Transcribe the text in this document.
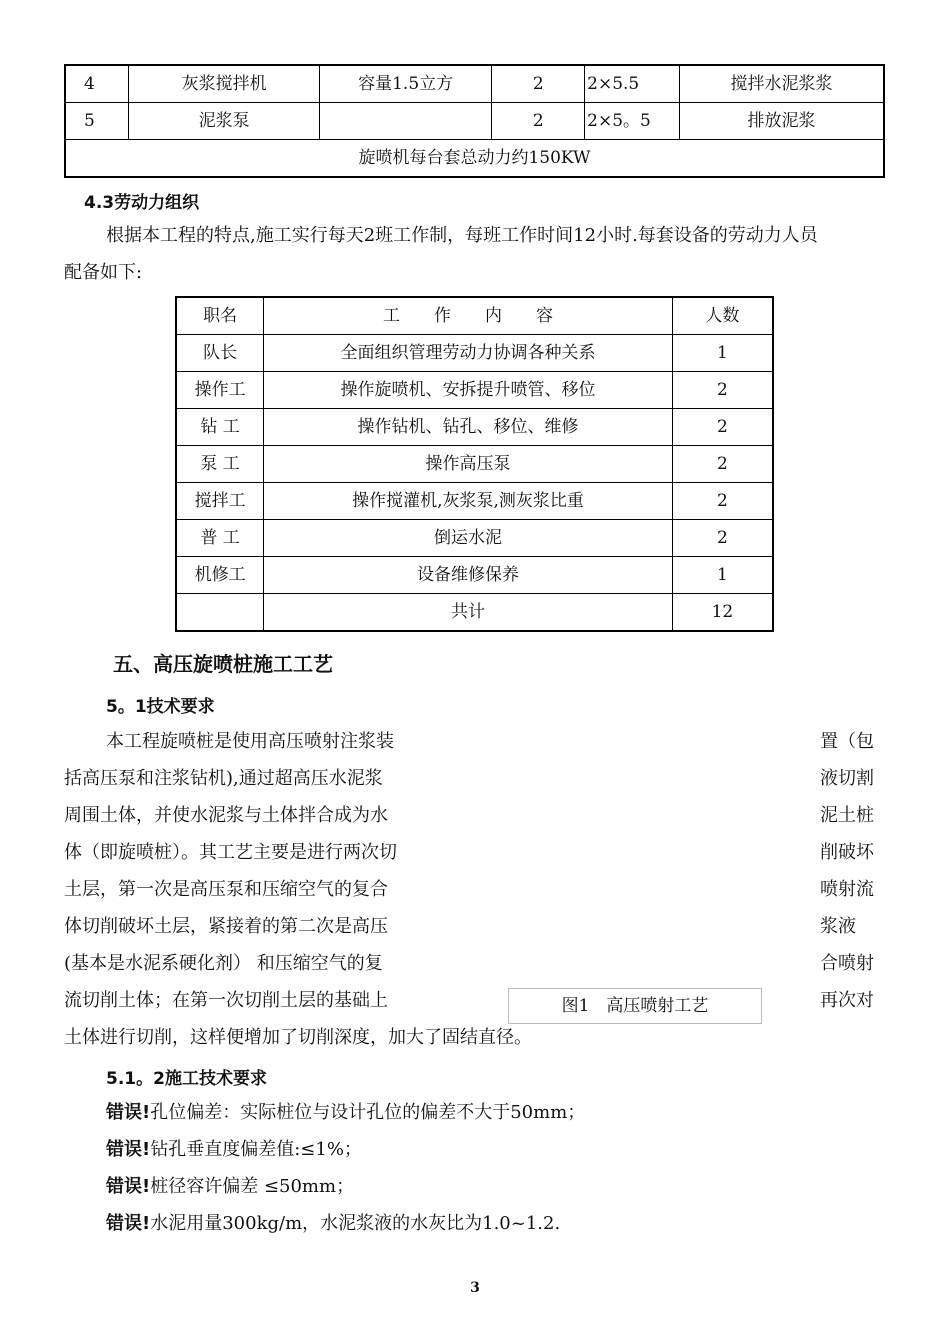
4	灰浆搅拌机	容量1.5立方	2	2×5.5	搅拌水泥浆浆
5	泥浆泵		2	2×5。5	排放泥浆
旋喷机每台套总动力约150KW					
4.3劳动力组织
根据本工程的特点,施工实行每天2班工作制，每班工作时间12小时.每套设备的劳动力人员
配备如下:
职名	工　　作　　内　　容	人数
队长	全面组织管理劳动力协调各种关系	1
操作工	操作旋喷机、安拆提升喷管、移位	2
钻 工	操作钻机、钻孔、移位、维修	2
泵 工	操作高压泵	2
搅拌工	操作搅灌机,灰浆泵,测灰浆比重	2
普 工	倒运水泥	2
机修工	设备维修保养	1
	共计	12
五、高压旋喷桩施工工艺
5。1技术要求
本工程旋喷桩是使用高压喷射注浆装
括高压泵和注浆钻机),通过超高压水泥浆
周围土体，并使水泥浆与土体拌合成为水
体（即旋喷桩）。其工艺主要是进行两次切
土层，第一次是高压泵和压缩空气的复合
体切削破坏土层，紧接着的第二次是高压
(基本是水泥系硬化剂） 和压缩空气的复
流切削土体；在第一次切削土层的基础上
土体进行切削，这样便增加了切削深度，加大了固结直径。
置（包
液切割
泥土桩
削破坏
喷射流
浆液
合喷射
再次对
图1　高压喷射工艺
5.1。2施工技术要求
错误!孔位偏差：实际桩位与设计孔位的偏差不大于50mm；
错误!钻孔垂直度偏差值:≤1%；
错误!桩径容许偏差 ≤50mm；
错误!水泥用量300kg/m，水泥浆液的水灰比为1.0~1.2.
3
